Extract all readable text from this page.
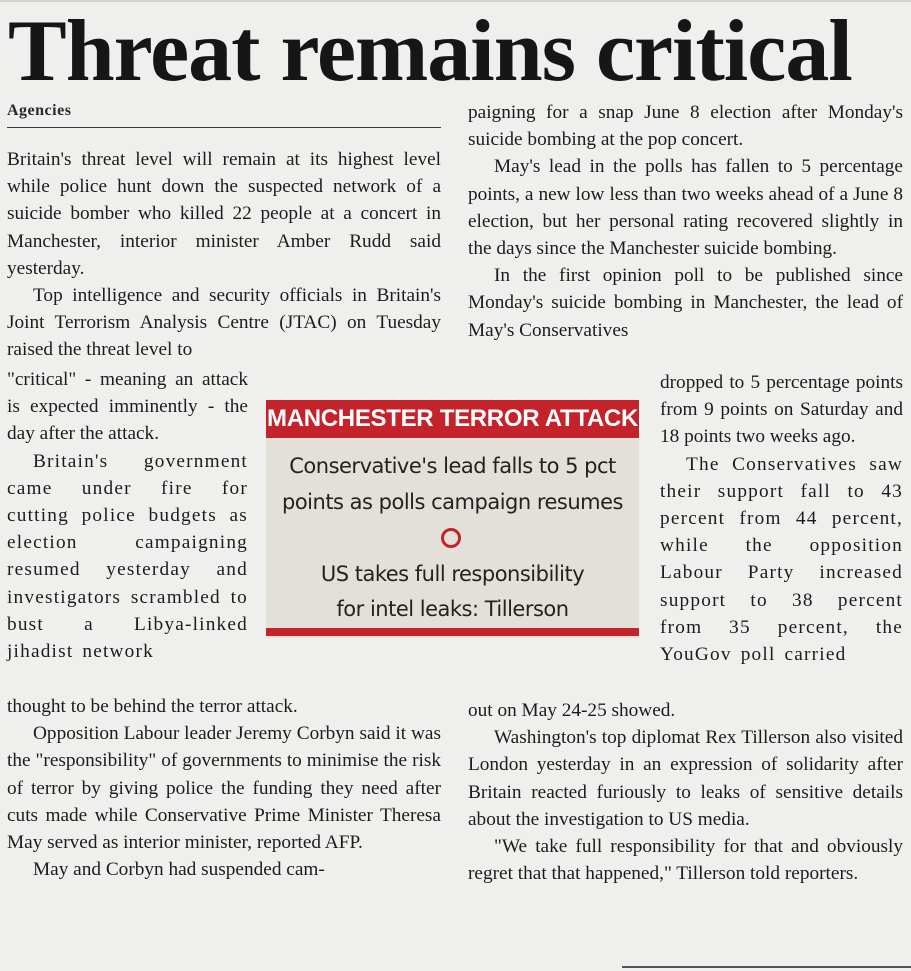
Threat remains critical
Agencies

Britain's threat level will remain at its highest level while police hunt down the suspected network of a suicide bomber who killed 22 people at a concert in Manchester, interior minister Amber Rudd said yesterday.

Top intelligence and security officials in Britain's Joint Terrorism Analysis Centre (JTAC) on Tuesday raised the threat level to

"critical" - meaning an attack is expected imminently - the day after the attack.

Britain's government came under fire for cutting police budgets as election campaigning resumed yesterday and investigators scrambled to bust a Libya-linked jihadist network

thought to be behind the terror attack.

Opposition Labour leader Jeremy Corbyn said it was the "responsibility" of governments to minimise the risk of terror by giving police the funding they need after cuts made while Conservative Prime Minister Theresa May served as interior minister, reported AFP.

May and Corbyn had suspended cam-

paigning for a snap June 8 election after Monday's suicide bombing at the pop concert.

May's lead in the polls has fallen to 5 percentage points, a new low less than two weeks ahead of a June 8 election, but her personal rating recovered slightly in the days since the Manchester suicide bombing.

In the first opinion poll to be published since Monday's suicide bombing in Manchester, the lead of May's Conservatives

dropped to 5 percentage points from 9 points on Saturday and 18 points two weeks ago.

The Conservatives saw their support fall to 43 percent from 44 percent, while the opposition Labour Party increased support to 38 percent from 35 percent, the YouGov poll carried

out on May 24-25 showed.

Washington's top diplomat Rex Tillerson also visited London yesterday in an expression of solidarity after Britain reacted furiously to leaks of sensitive details about the investigation to US media.

"We take full responsibility for that and obviously regret that that happened," Tillerson told reporters.

MANCHESTER TERROR ATTACK
Conservative's lead falls to 5 pct
points as polls campaign resumes
US takes full responsibility
for intel leaks: Tillerson
